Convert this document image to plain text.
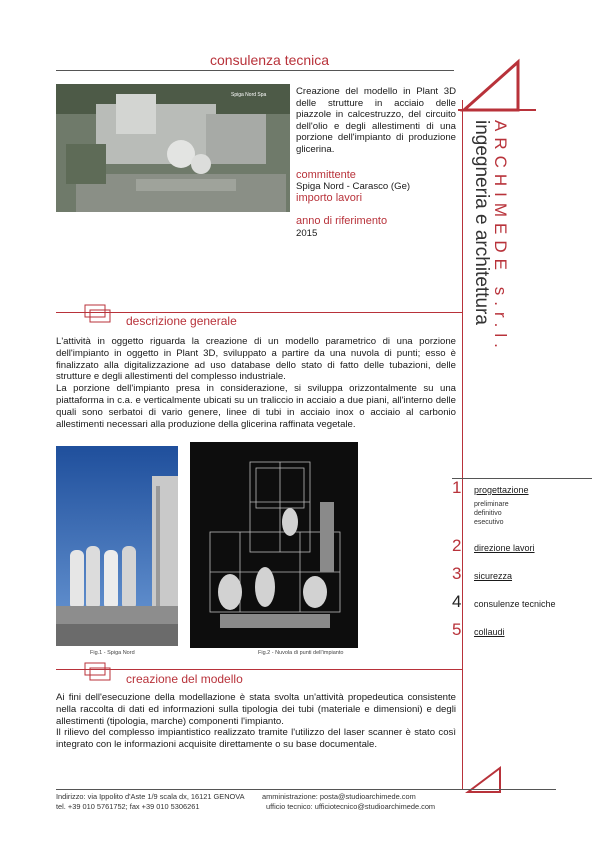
consulenza tecnica
Spiga Nord Spa	Creazione del modello in Plant 3D delle strutture in acciaio delle piazzole in calcestruzzo, del circuito dell'olio e degli allestimenti di una porzione dell'impianto di produzione glicerina.
committente
Spiga Nord - Carasco (Ge)
importo lavori
anno di riferimento
2015	ARCHIMEDE s.r.l.
ingegneria e architettura
descrizione generale
L'attività in oggetto riguarda la creazione di un modello parametrico di una porzione dell'impianto in oggetto in Plant 3D, sviluppato a partire da una nuvola di punti; esso è finalizzato alla digitalizzazione ad uso database dello stato di fatto delle tubazioni, delle strutture e degli allestimenti del complesso industriale.
La porzione dell'impianto presa in considerazione, si sviluppa orizzontalmente su una piattaforma in c.a. e verticalmente ubicati su un traliccio in acciaio a due piani, all'interno delle quali sono serbatoi di vario genere, linee di tubi in acciaio inox o acciaio al carbonio allestimenti necessari alla produzione della glicerina raffinata vegetale.
Fig.1 - Spiga Nord	Fig.2 - Nuvola di punti dell'impianto
creazione del modello
Ai fini dell'esecuzione della modellazione è stata svolta un'attività propedeutica consistente nella raccolta di dati ed informazioni sulla tipologia dei tubi (materiale e dimensioni) e degli allestimenti (tipologia, marche) componenti l'impianto.
Il rilievo del complesso impiantistico realizzato tramite l'utilizzo del laser scanner è stato così integrato con le informazioni acquisite direttamente o su base documentale.
1 progettazione
preliminare
definitivo
esecutivo
2 direzione lavori
3 sicurezza
4 consulenze tecniche
5 collaudi
Indirizzo: via Ippolito d'Aste 1/9 scala dx, 16121 GENOVA
tel. +39 010 5761752; fax +39 010 5306261
amministrazione: posta@studioarchimede.com
ufficio tecnico: ufficiotecnico@studioarchimede.com
